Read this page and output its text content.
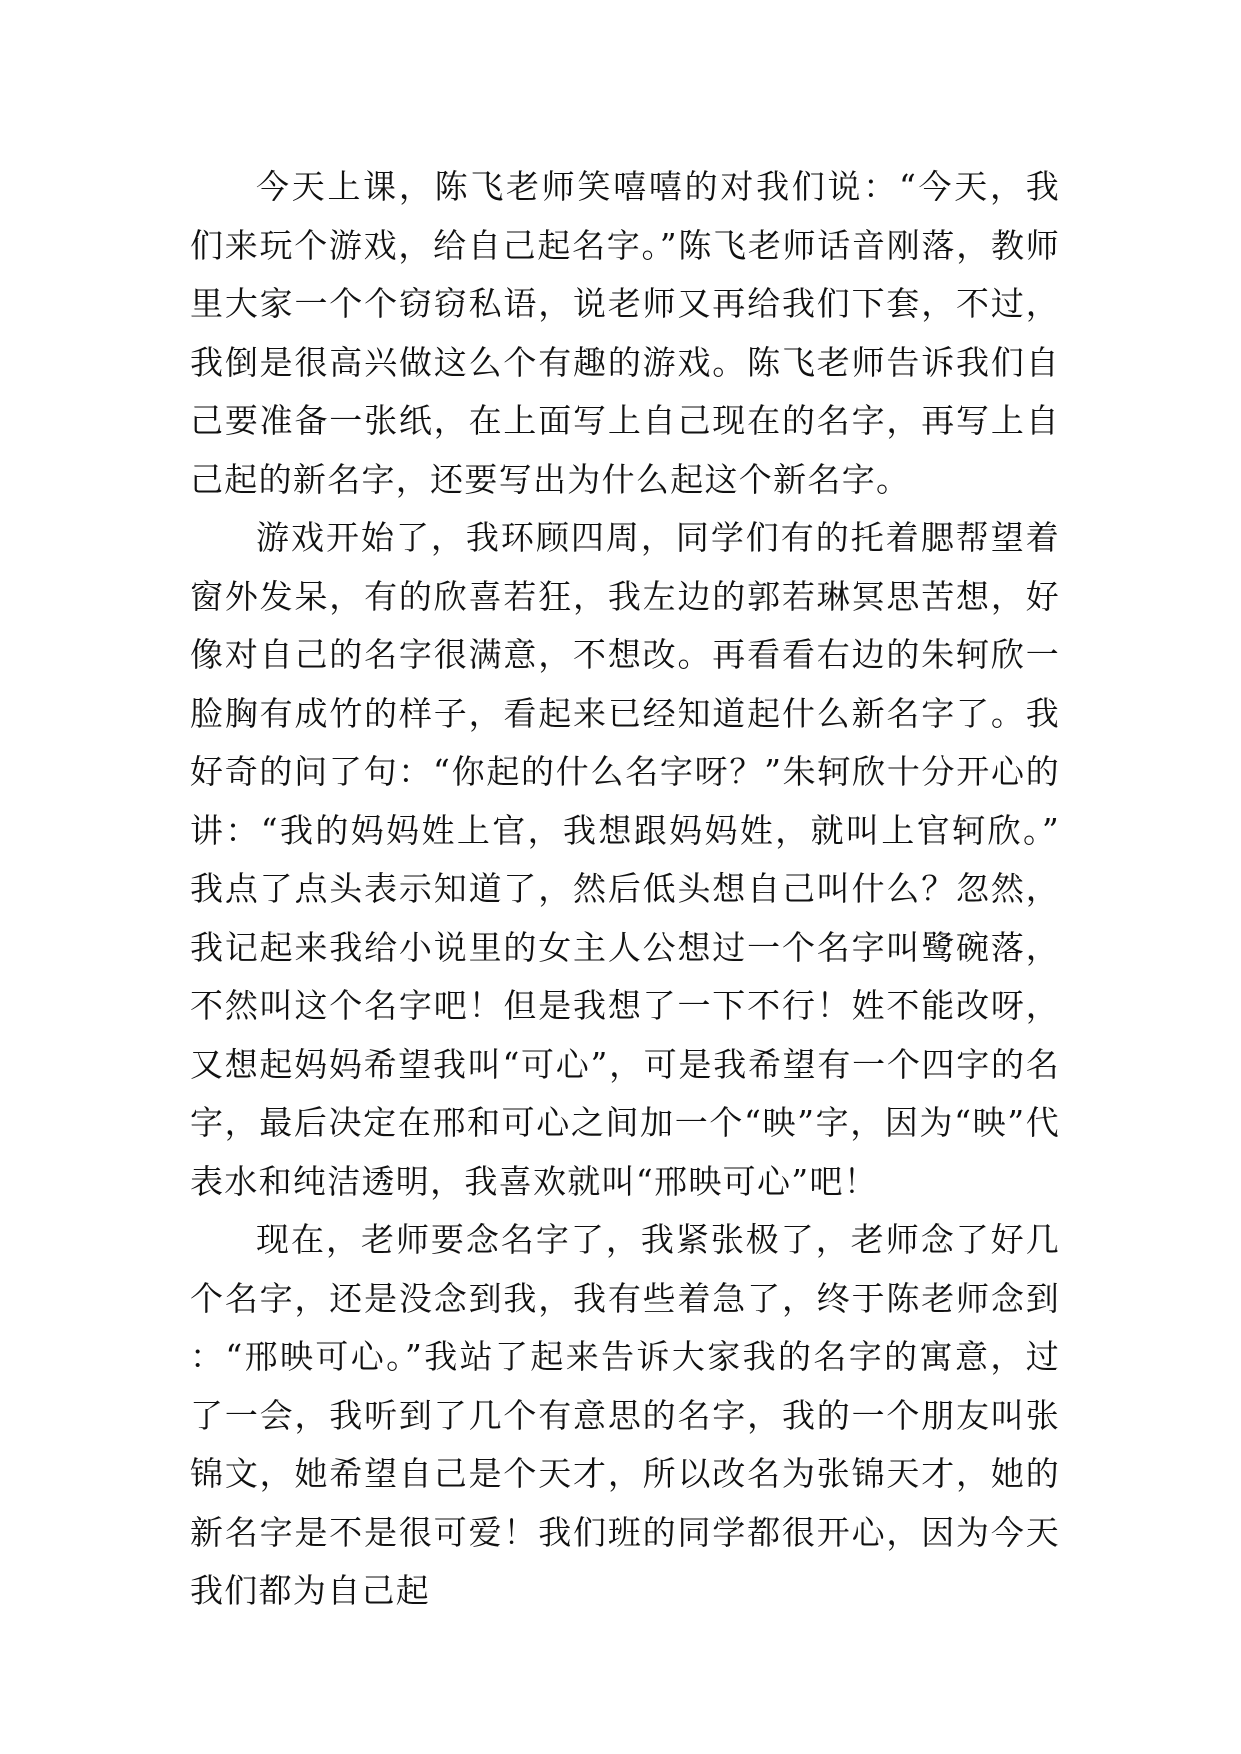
今天上课，陈飞老师笑嘻嘻的对我们说：“今天，我们来玩个游戏，给自己起名字。”陈飞老师话音刚落，教师里大家一个个窃窃私语，说老师又再给我们下套，不过，我倒是很高兴做这么个有趣的游戏。陈飞老师告诉我们自己要准备一张纸，在上面写上自己现在的名字，再写上自己起的新名字，还要写出为什么起这个新名字。

游戏开始了，我环顾四周，同学们有的托着腮帮望着窗外发呆，有的欣喜若狂，我左边的郭若琳冥思苦想，好像对自己的名字很满意，不想改。再看看右边的朱轲欣一脸胸有成竹的样子，看起来已经知道起什么新名字了。我好奇的问了句：“你起的什么名字呀？”朱轲欣十分开心的讲：“我的妈妈姓上官，我想跟妈妈姓，就叫上官轲欣。”我点了点头表示知道了，然后低头想自己叫什么？忽然，我记起来我给小说里的女主人公想过一个名字叫鹭碗落，不然叫这个名字吧！但是我想了一下不行！姓不能改呀，又想起妈妈希望我叫“可心”，可是我希望有一个四字的名字，最后决定在邢和可心之间加一个“映”字，因为“映”代表水和纯洁透明，我喜欢就叫“邢映可心”吧！

现在，老师要念名字了，我紧张极了，老师念了好几个名字，还是没念到我，我有些着急了，终于陈老师念到：“邢映可心。”我站了起来告诉大家我的名字的寓意，过了一会，我听到了几个有意思的名字，我的一个朋友叫张锦文，她希望自己是个天才，所以改名为张锦天才，她的新名字是不是很可爱！我们班的同学都很开心，因为今天我们都为自己起
